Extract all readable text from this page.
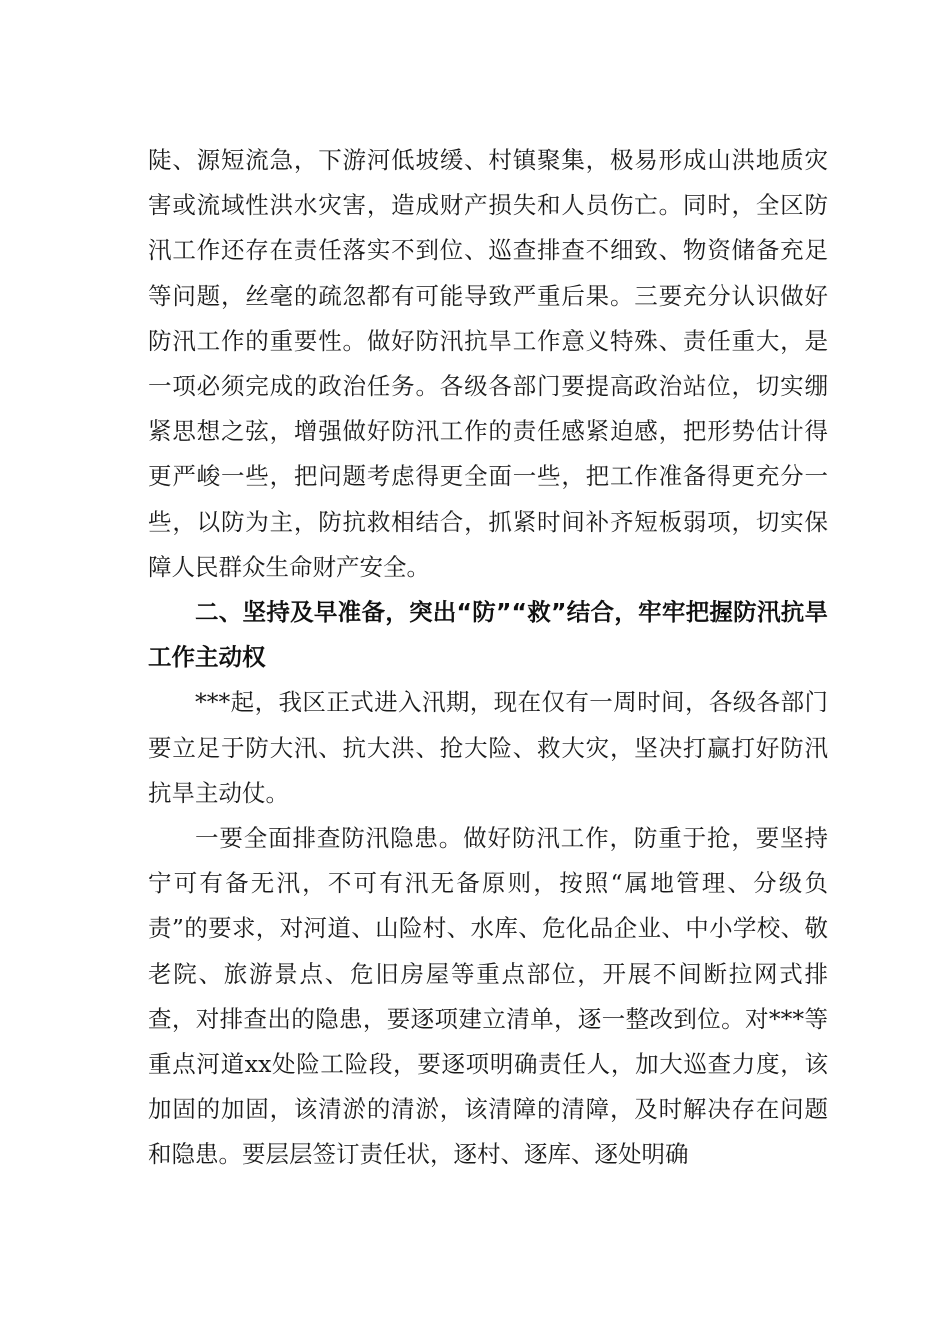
陡、源短流急，下游河低坡缓、村镇聚集，极易形成山洪地质灾害或流域性洪水灾害，造成财产损失和人员伤亡。同时，全区防汛工作还存在责任落实不到位、巡查排查不细致、物资储备充足等问题，丝毫的疏忽都有可能导致严重后果。三要充分认识做好防汛工作的重要性。做好防汛抗旱工作意义特殊、责任重大，是一项必须完成的政治任务。各级各部门要提高政治站位，切实绷紧思想之弦，增强做好防汛工作的责任感紧迫感，把形势估计得更严峻一些，把问题考虑得更全面一些，把工作准备得更充分一些，以防为主，防抗救相结合，抓紧时间补齐短板弱项，切实保障人民群众生命财产安全。

二、坚持及早准备，突出“防”“救”结合，牢牢把握防汛抗旱工作主动权

***起，我区正式进入汛期，现在仅有一周时间，各级各部门要立足于防大汛、抗大洪、抢大险、救大灾，坚决打赢打好防汛抗旱主动仗。

一要全面排查防汛隐患。做好防汛工作，防重于抢，要坚持宁可有备无汛，不可有汛无备原则，按照“属地管理、分级负责”的要求，对河道、山险村、水库、危化品企业、中小学校、敬老院、旅游景点、危旧房屋等重点部位，开展不间断拉网式排查，对排查出的隐患，要逐项建立清单，逐一整改到位。对***等重点河道xx处险工险段，要逐项明确责任人，加大巡查力度，该加固的加固，该清淤的清淤，该清障的清障，及时解决存在问题和隐患。要层层签订责任状，逐村、逐库、逐处明确
